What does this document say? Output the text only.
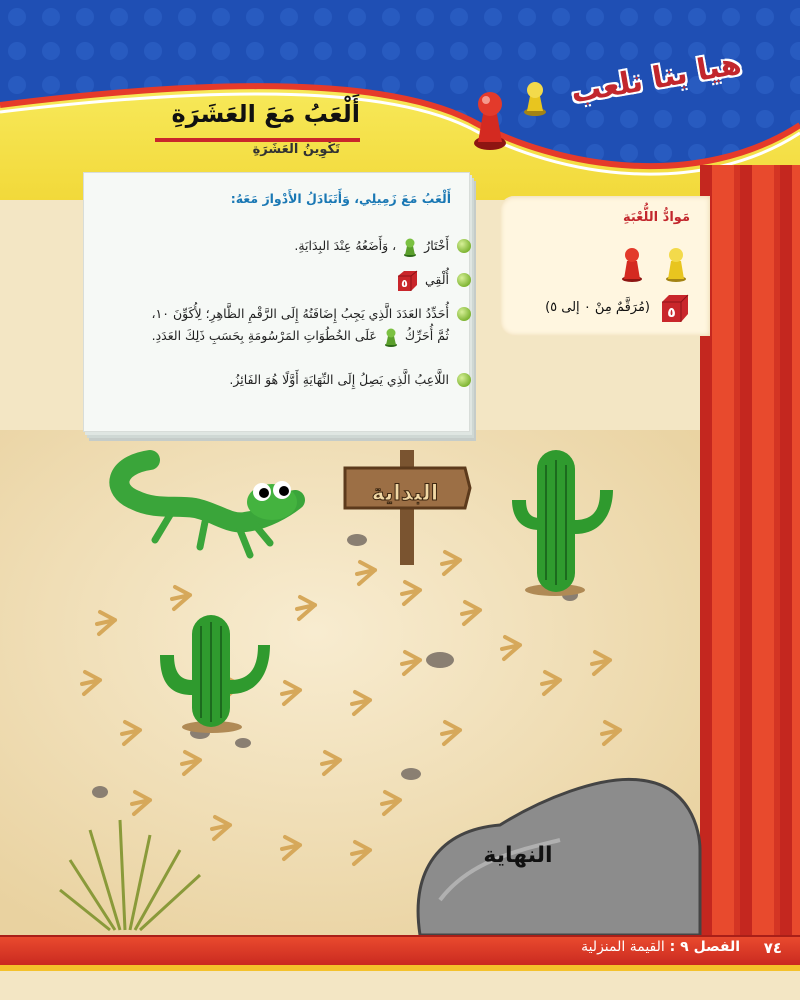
هيا بنا نلعب
أَلْعَبُ مَعَ العَشَرَةِ
تَكْوِينُ العَشَرَةِ
البداية
النهاية
أَلْعَبُ مَعَ زَمِيلِي، وَأَتَبَادَلُ الأَدْوارَ مَعَهُ:
أَخْتَارُ  ، وَأَضَعُهُ عِنْدَ البِدَايَةِ.
أُلْقِي
٥
أُحَدِّدُ العَدَدَ الَّذِي يَجِبُ إِضَافَتُهُ إِلَى الرَّقْمِ الظَّاهِرِ؛ لِأُكَوِّنَ ١٠،
ثُمَّ أُحَرِّكُ  عَلَى الخُطُوَاتِ المَرْسُومَةِ بِحَسَبِ ذَلِكَ العَدَدِ.
اللَّاعِبُ الَّذِي يَصِلُ إِلَى النِّهَايَةِ أَوَّلًا هُوَ الفَائِزُ.
مَوادُّ اللُّعْبَةِ
٥
(مُرَقَّمٌ مِنْ ٠ إلى ٥)
الفصل ٩ : القيمة المنزلية	٧٤
